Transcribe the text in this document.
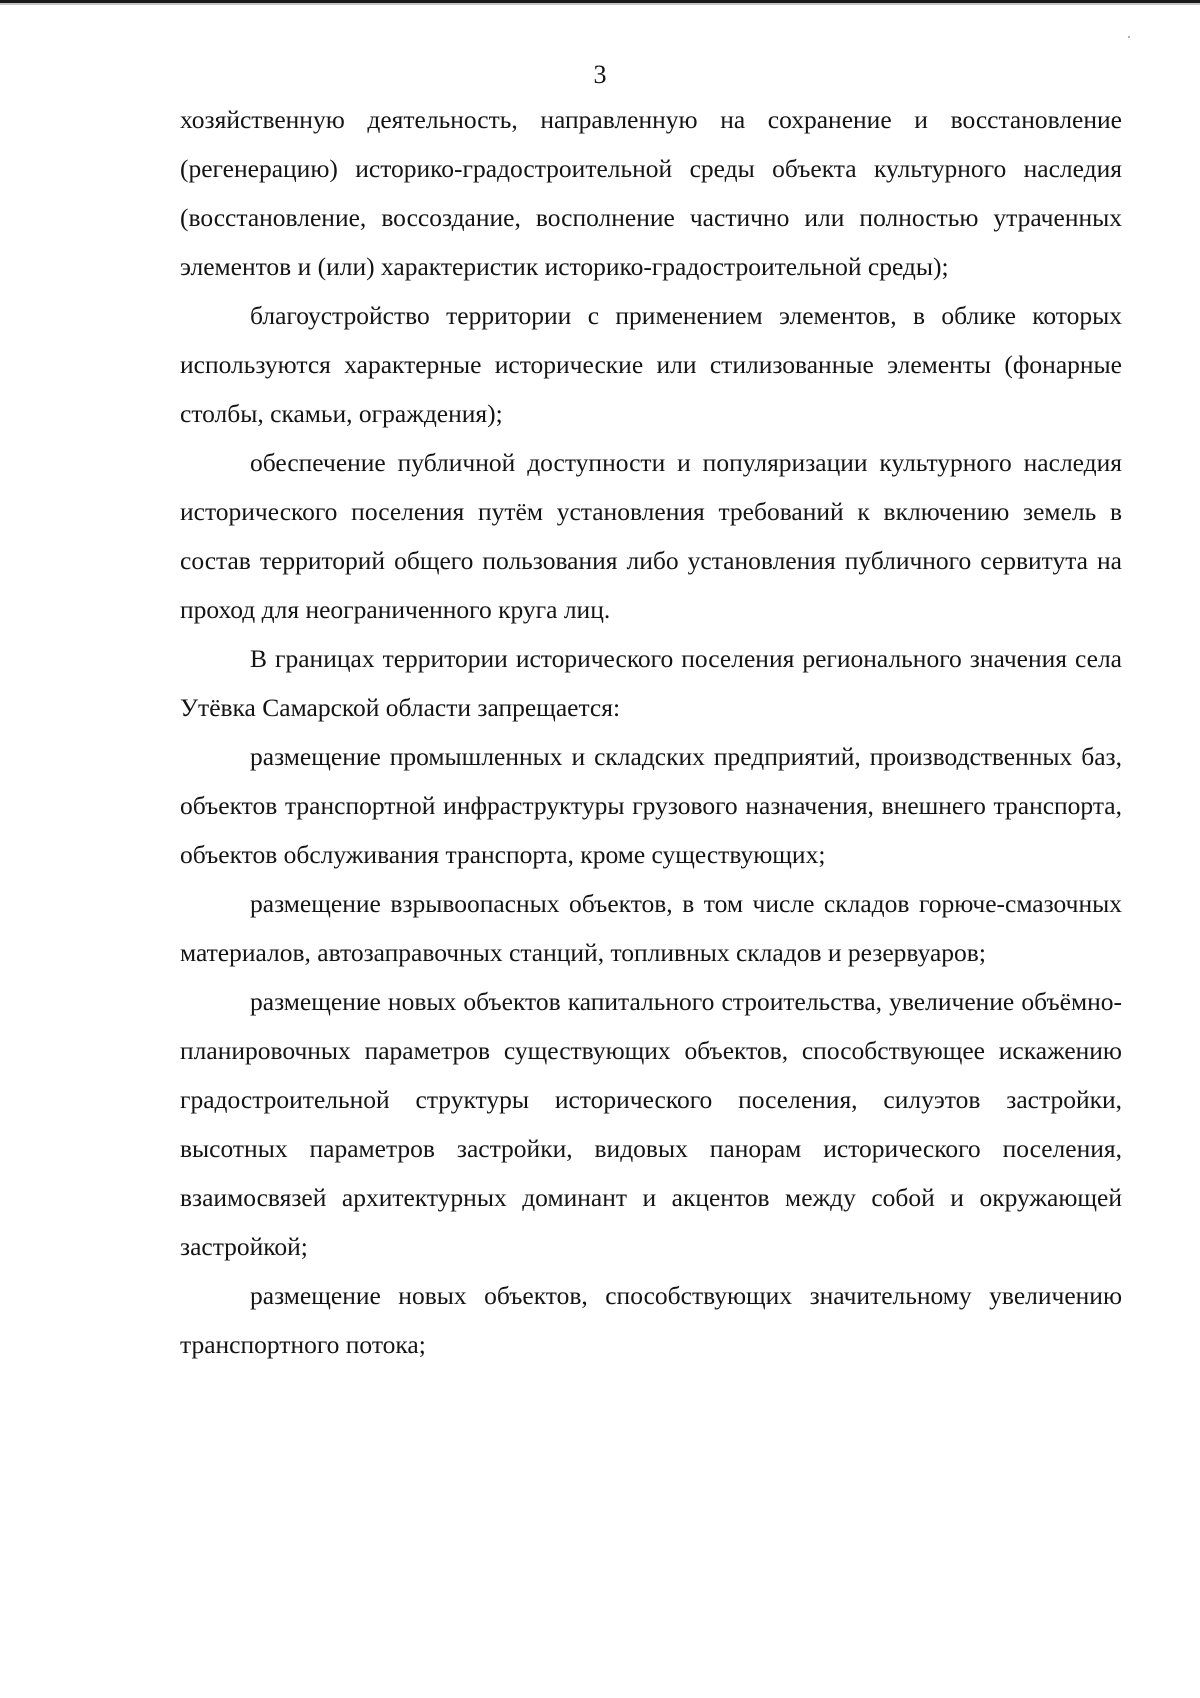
3

хозяйственную деятельность, направленную на сохранение и восстановление (регенерацию) историко-градостроительной среды объекта культурного наследия (восстановление, воссоздание, восполнение частично или полностью утраченных элементов и (или) характеристик историко-градостроительной среды);

благоустройство территории с применением элементов, в облике которых используются характерные исторические или стилизованные элементы (фонарные столбы, скамьи, ограждения);

обеспечение публичной доступности и популяризации культурного наследия исторического поселения путём установления требований к включению земель в состав территорий общего пользования либо установления публичного сервитута на проход для неограниченного круга лиц.

В границах территории исторического поселения регионального значения села Утёвка Самарской области запрещается:

размещение промышленных и складских предприятий, производственных баз, объектов транспортной инфраструктуры грузового назначения, внешнего транспорта, объектов обслуживания транспорта, кроме существующих;

размещение взрывоопасных объектов, в том числе складов горюче-смазочных материалов, автозаправочных станций, топливных складов и резервуаров;

размещение новых объектов капитального строительства, увеличение объёмно-планировочных параметров существующих объектов, способствующее искажению градостроительной структуры исторического поселения, силуэтов застройки, высотных параметров застройки, видовых панорам исторического поселения, взаимосвязей архитектурных доминант и акцентов между собой и окружающей застройкой;

размещение новых объектов, способствующих значительному увеличению транспортного потока;
